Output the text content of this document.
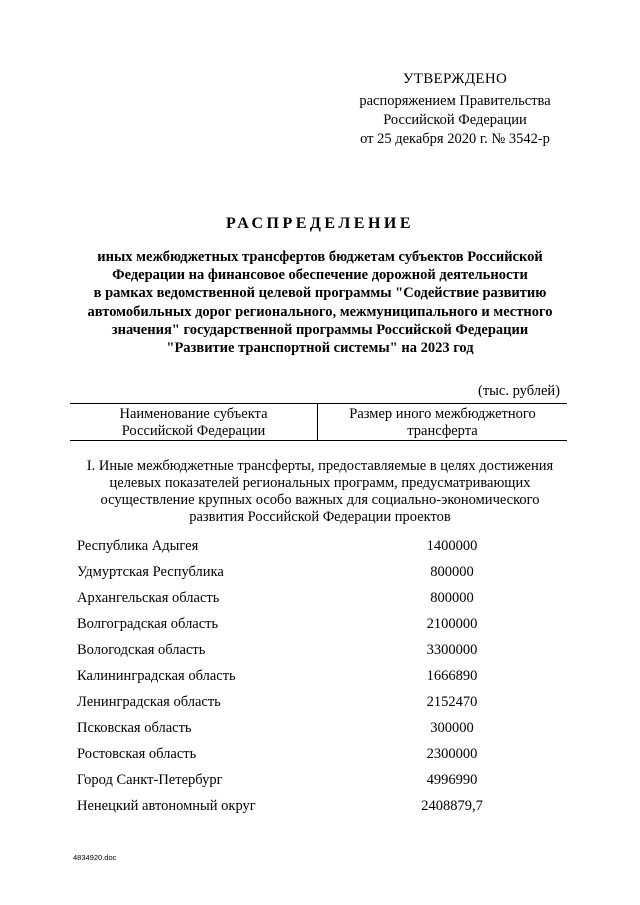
УТВЕРЖДЕНО
распоряжением Правительства
Российской Федерации
от 25 декабря 2020 г. № 3542-р
РАСПРЕДЕЛЕНИЕ
иных межбюджетных трансфертов бюджетам субъектов Российской
Федерации на финансовое обеспечение дорожной деятельности
в рамках ведомственной целевой программы "Содействие развитию
автомобильных дорог регионального, межмуниципального и местного
значения" государственной программы Российской Федерации
"Развитие транспортной системы" на 2023 год
(тыс. рублей)
Наименование субъекта
Российской Федерации
Размер иного межбюджетного
трансферта
I. Иные межбюджетные трансферты, предоставляемые в целях достижения
целевых показателей региональных программ, предусматривающих
осуществление крупных особо важных для социально-экономического
развития Российской Федерации проектов
Республика Адыгея	1400000
Удмуртская Республика	800000
Архангельская область	800000
Волгоградская область	2100000
Вологодская область	3300000
Калининградская область	1666890
Ленинградская область	2152470
Псковская область	300000
Ростовская область	2300000
Город Санкт-Петербург	4996990
Ненецкий автономный округ	2408879,7
4834920.doc
